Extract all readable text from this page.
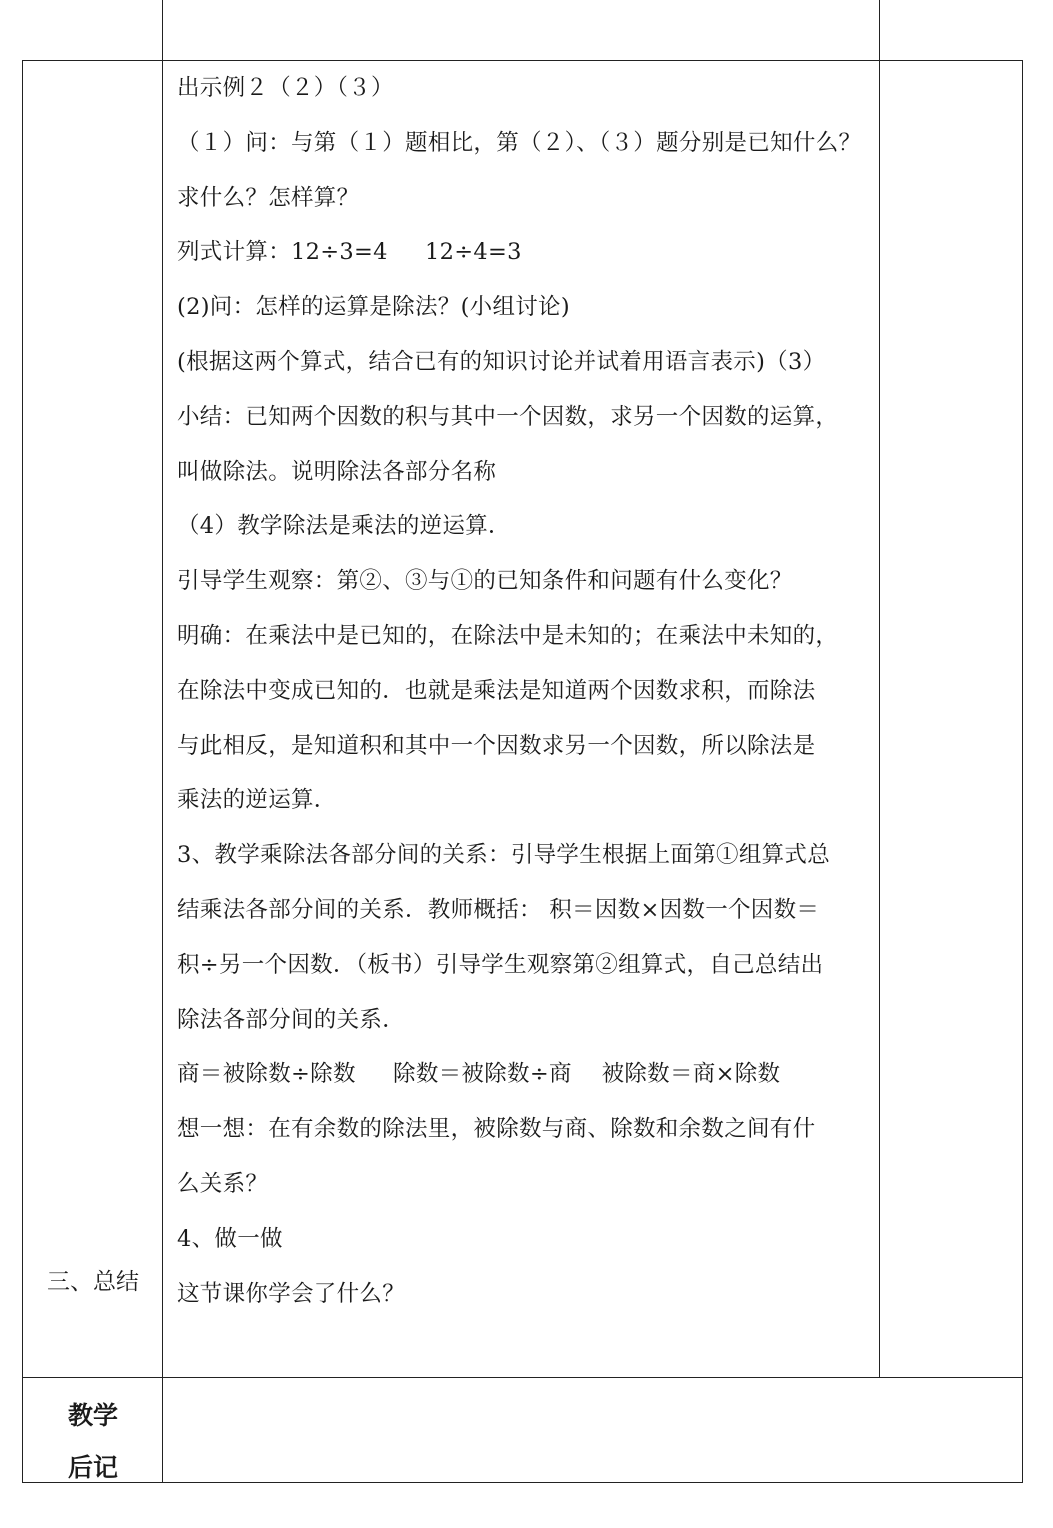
三、总结
出示例２（２）（３）
（１）问：与第（１）题相比，第（２）、（３）题分别是已知什么？
求什么？怎样算？
列式计算：12÷3=4     12÷4=3
(2)问：怎样的运算是除法？(小组讨论)
(根据这两个算式，结合已有的知识讨论并试着用语言表示)（3）
小结：已知两个因数的积与其中一个因数，求另一个因数的运算，
叫做除法。说明除法各部分名称
（4）教学除法是乘法的逆运算．
引导学生观察：第②、③与①的已知条件和问题有什么变化？
明确：在乘法中是已知的，在除法中是未知的；在乘法中未知的，
在除法中变成已知的．也就是乘法是知道两个因数求积，而除法
与此相反，是知道积和其中一个因数求另一个因数，所以除法是
乘法的逆运算．
3、教学乘除法各部分间的关系：引导学生根据上面第①组算式总
结乘法各部分间的关系．教师概括： 积＝因数×因数一个因数＝
积÷另一个因数．（板书）引导学生观察第②组算式，自己总结出
除法各部分间的关系．
商＝被除数÷除数     除数＝被除数÷商    被除数＝商×除数
想一想：在有余数的除法里，被除数与商、除数和余数之间有什
么关系？
4、做一做
这节课你学会了什么？
教学
后记
